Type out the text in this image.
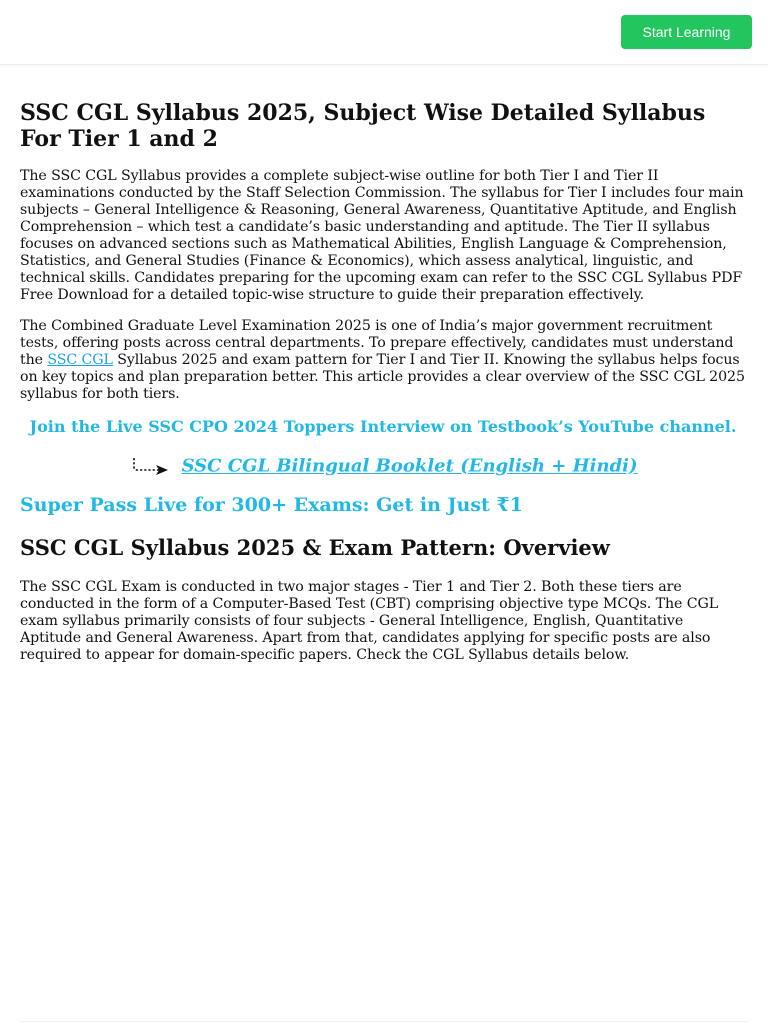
Start Learning
SSC CGL Syllabus 2025, Subject Wise Detailed Syllabus For Tier 1 and 2

The SSC CGL Syllabus provides a complete subject-wise outline for both Tier I and Tier II examinations conducted by the Staff Selection Commission. The syllabus for Tier I includes four main subjects – General Intelligence & Reasoning, General Awareness, Quantitative Aptitude, and English Comprehension – which test a candidate’s basic understanding and aptitude. The Tier II syllabus focuses on advanced sections such as Mathematical Abilities, English Language & Comprehension, Statistics, and General Studies (Finance & Economics), which assess analytical, linguistic, and technical skills. Candidates preparing for the upcoming exam can refer to the SSC CGL Syllabus PDF Free Download for a detailed topic-wise structure to guide their preparation effectively.

The Combined Graduate Level Examination 2025 is one of India’s major government recruitment tests, offering posts across central departments. To prepare effectively, candidates must understand the SSC CGL Syllabus 2025 and exam pattern for Tier I and Tier II. Knowing the syllabus helps focus on key topics and plan preparation better. This article provides a clear overview of the SSC CGL 2025 syllabus for both tiers.

Join the Live SSC CPO 2024 Toppers Interview on Testbook’s YouTube channel.
SSC CGL Bilingual Booklet (English + Hindi)
Super Pass Live for 300+ Exams: Get in Just ₹1
SSC CGL Syllabus 2025 & Exam Pattern: Overview

The SSC CGL Exam is conducted in two major stages - Tier 1 and Tier 2. Both these tiers are conducted in the form of a Computer-Based Test (CBT) comprising objective type MCQs. The CGL exam syllabus primarily consists of four subjects - General Intelligence, English, Quantitative Aptitude and General Awareness. Apart from that, candidates applying for specific posts are also required to appear for domain-specific papers. Check the CGL Syllabus details below.
